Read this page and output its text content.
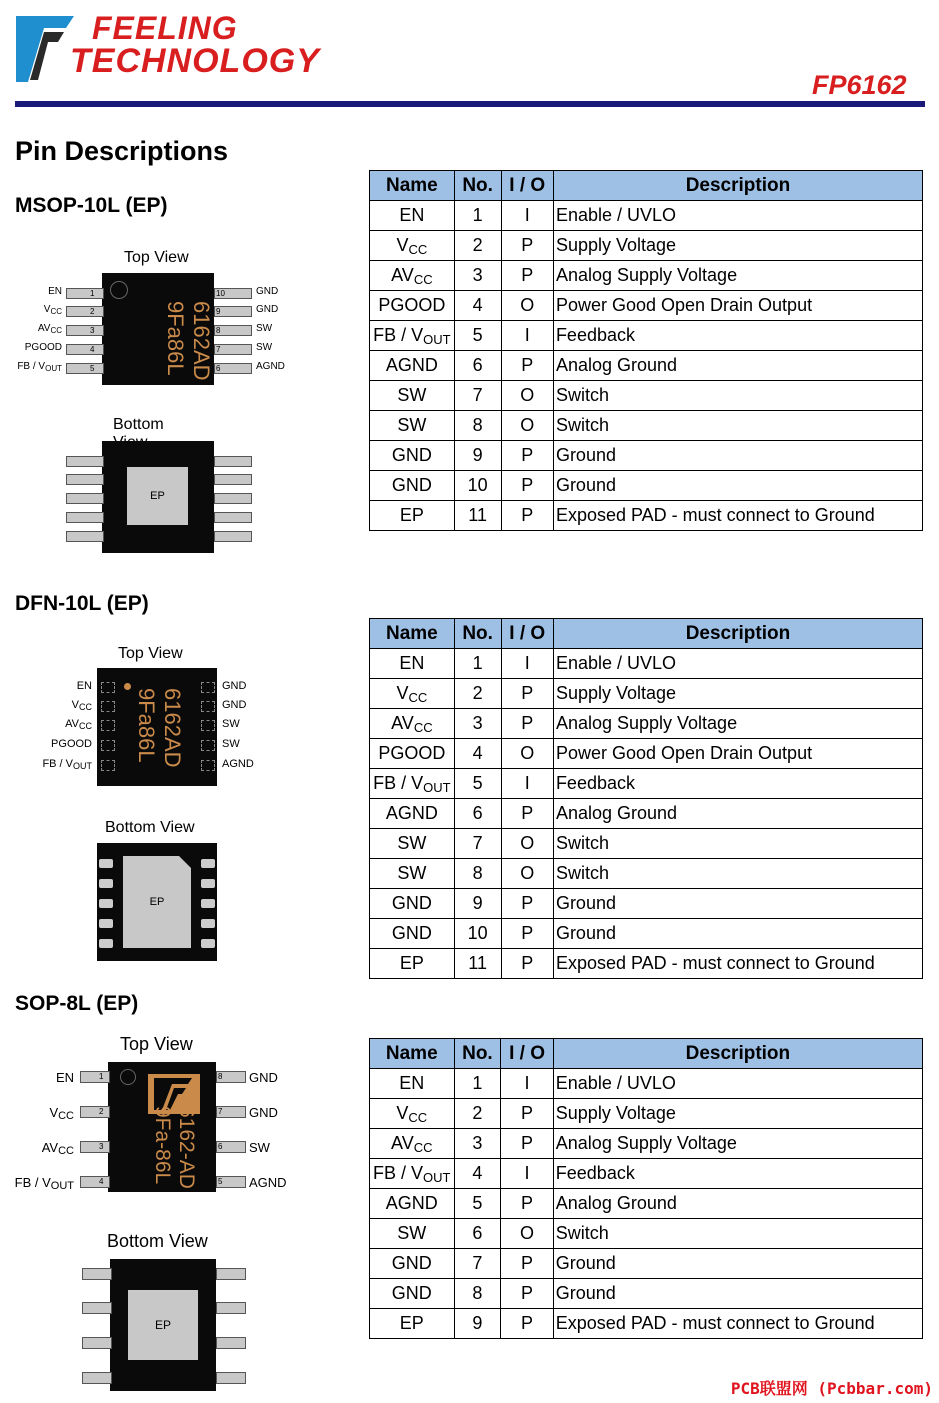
FEELING
TECHNOLOGY
FP6162
Pin Descriptions
MSOP-10L (EP)
DFN-10L (EP)
SOP-8L (EP)
Top View
6162AD
9Fa86L
Bottom
EP
Top View
6162AD
9Fa86L
Bottom View
EP
Top View
6162-AD
9Fa-86L
Bottom View
EP
1
EN	10	GND
2
$V_{CC}$	9	GND
3
$AV_{CC}$	8	SW
4
PGOOD	7	SW
5
FB / $V_{OUT}$	6	AGND
EN	GND
VCC	GND
AVCC	SW
PGOOD	SW
FB / VOUT	AGND
1
EN	8 GND
2
VCC	7 GND
3
AVCC	6 SW
4
FB / VOUT	5 AGND
Name	No.	I / O	Description
EN	1	I	Enable / UVLO
$V_{CC}$	2	P	Supply Voltage
$AV_{CC}$	3	P	Analog Supply Voltage
PGOOD	4	O	Power Good Open Drain Output
FB / $V_{OUT}$	5	I	Feedback
AGND	6	P	Analog Ground
SW	7	O	Switch
SW	8	O	Switch
GND	9	P	Ground
GND	10	P	Ground
EP	11	P	Exposed PAD - must connect to Ground
Name	No.	I / O	Description
EN	1	I	Enable / UVLO
$V_{CC}$	2	P	Supply Voltage
$AV_{CC}$	3	P	Analog Supply Voltage
PGOOD	4	O	Power Good Open Drain Output
FB / $V_{OUT}$	5	I	Feedback
AGND	6	P	Analog Ground
SW	7	O	Switch
SW	8	O	Switch
GND	9	P	Ground
GND	10	P	Ground
EP	11	P	Exposed PAD - must connect to Ground
Name	No.	I / O	Description
EN	1	I	Enable / UVLO
$V_{CC}$	2	P	Supply Voltage
$AV_{CC}$	3	P	Analog Supply Voltage
FB / $V_{OUT}$	4	I	Feedback
AGND	5	P	Analog Ground
SW	6	O	Switch
GND	7	P	Ground
GND	8	P	Ground
EP	9	P	Exposed PAD - must connect to Ground
PCB联盟网 (Pcbbar.com)
